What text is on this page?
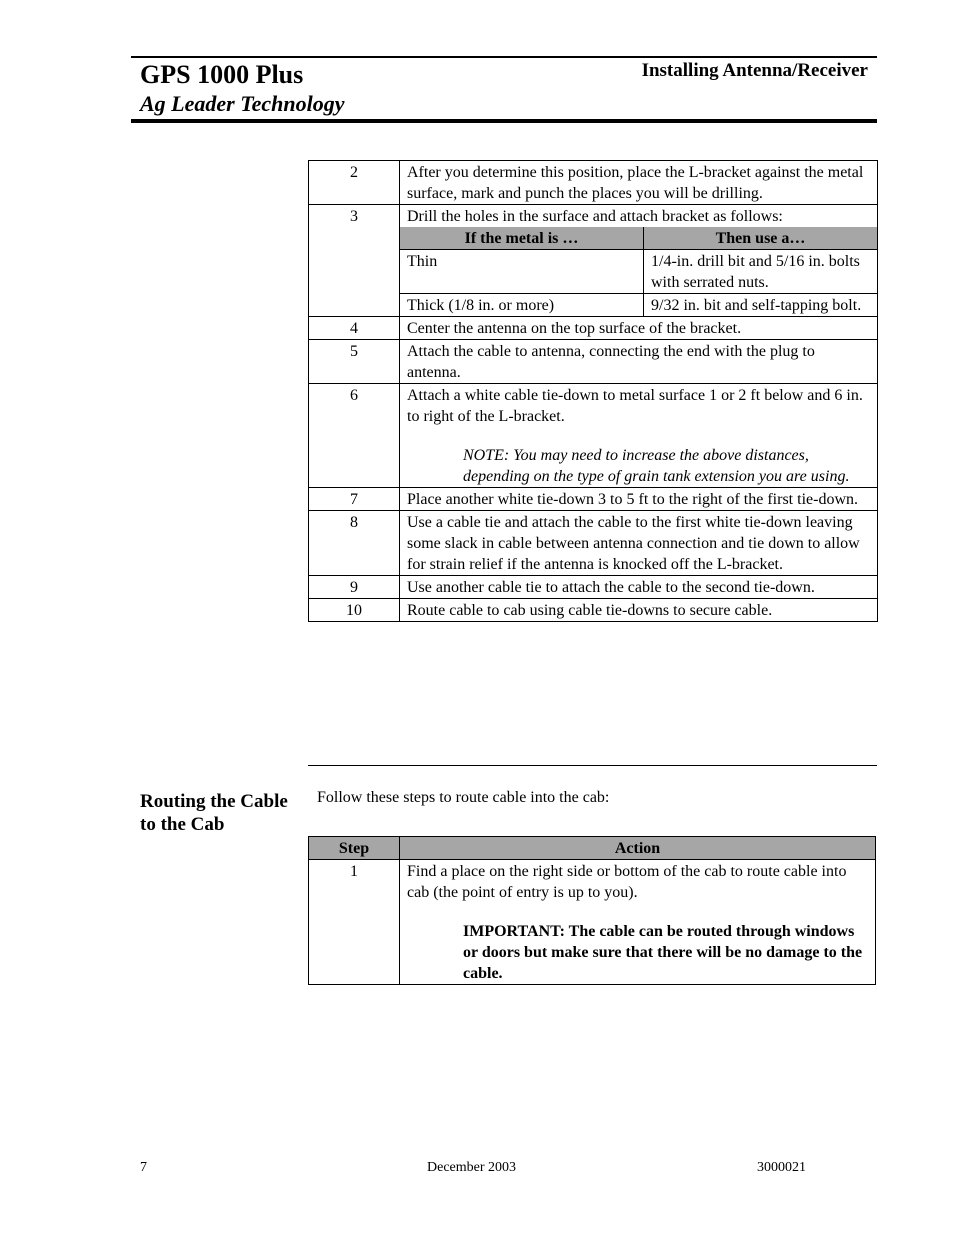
GPS 1000 Plus
Ag Leader Technology
Installing Antenna/Receiver
2	After you determine this position, place the L-bracket against the metal surface, mark and punch the places you will be drilling.
3	Drill the holes in the surface and attach bracket as follows:
If the metal is …	Then use a…
Thin	1/4-in. drill bit and 5/16 in. bolts with serrated nuts.
Thick (1/8 in. or more)	9/32 in. bit and self-tapping bolt.

4	Center the antenna on the top surface of the bracket.
5	Attach the cable to antenna, connecting the end with the plug to antenna.
6	Attach a white cable tie-down to metal surface 1 or 2 ft below and 6 in. to right of the L-bracket.
NOTE: You may need to increase the above distances, depending on the type of grain tank extension you are using.

7	Place another white tie-down 3 to 5 ft to the right of the first tie-down.
8	Use a cable tie and attach the cable to the first white tie-down leaving some slack in cable between antenna connection and tie down to allow for strain relief if the antenna is knocked off the L-bracket.
9	Use another cable tie to attach the cable to the second tie-down.
10	Route cable to cab using cable tie-downs to secure cable.
Routing the Cable to the Cab
Follow these steps to route cable into the cab:
Step	Action
1	Find a place on the right side or bottom of the cab to route cable into cab (the point of entry is up to you).
IMPORTANT: The cable can be routed through windows or doors but make sure that there will be no damage to the cable.
7	December 2003	3000021
